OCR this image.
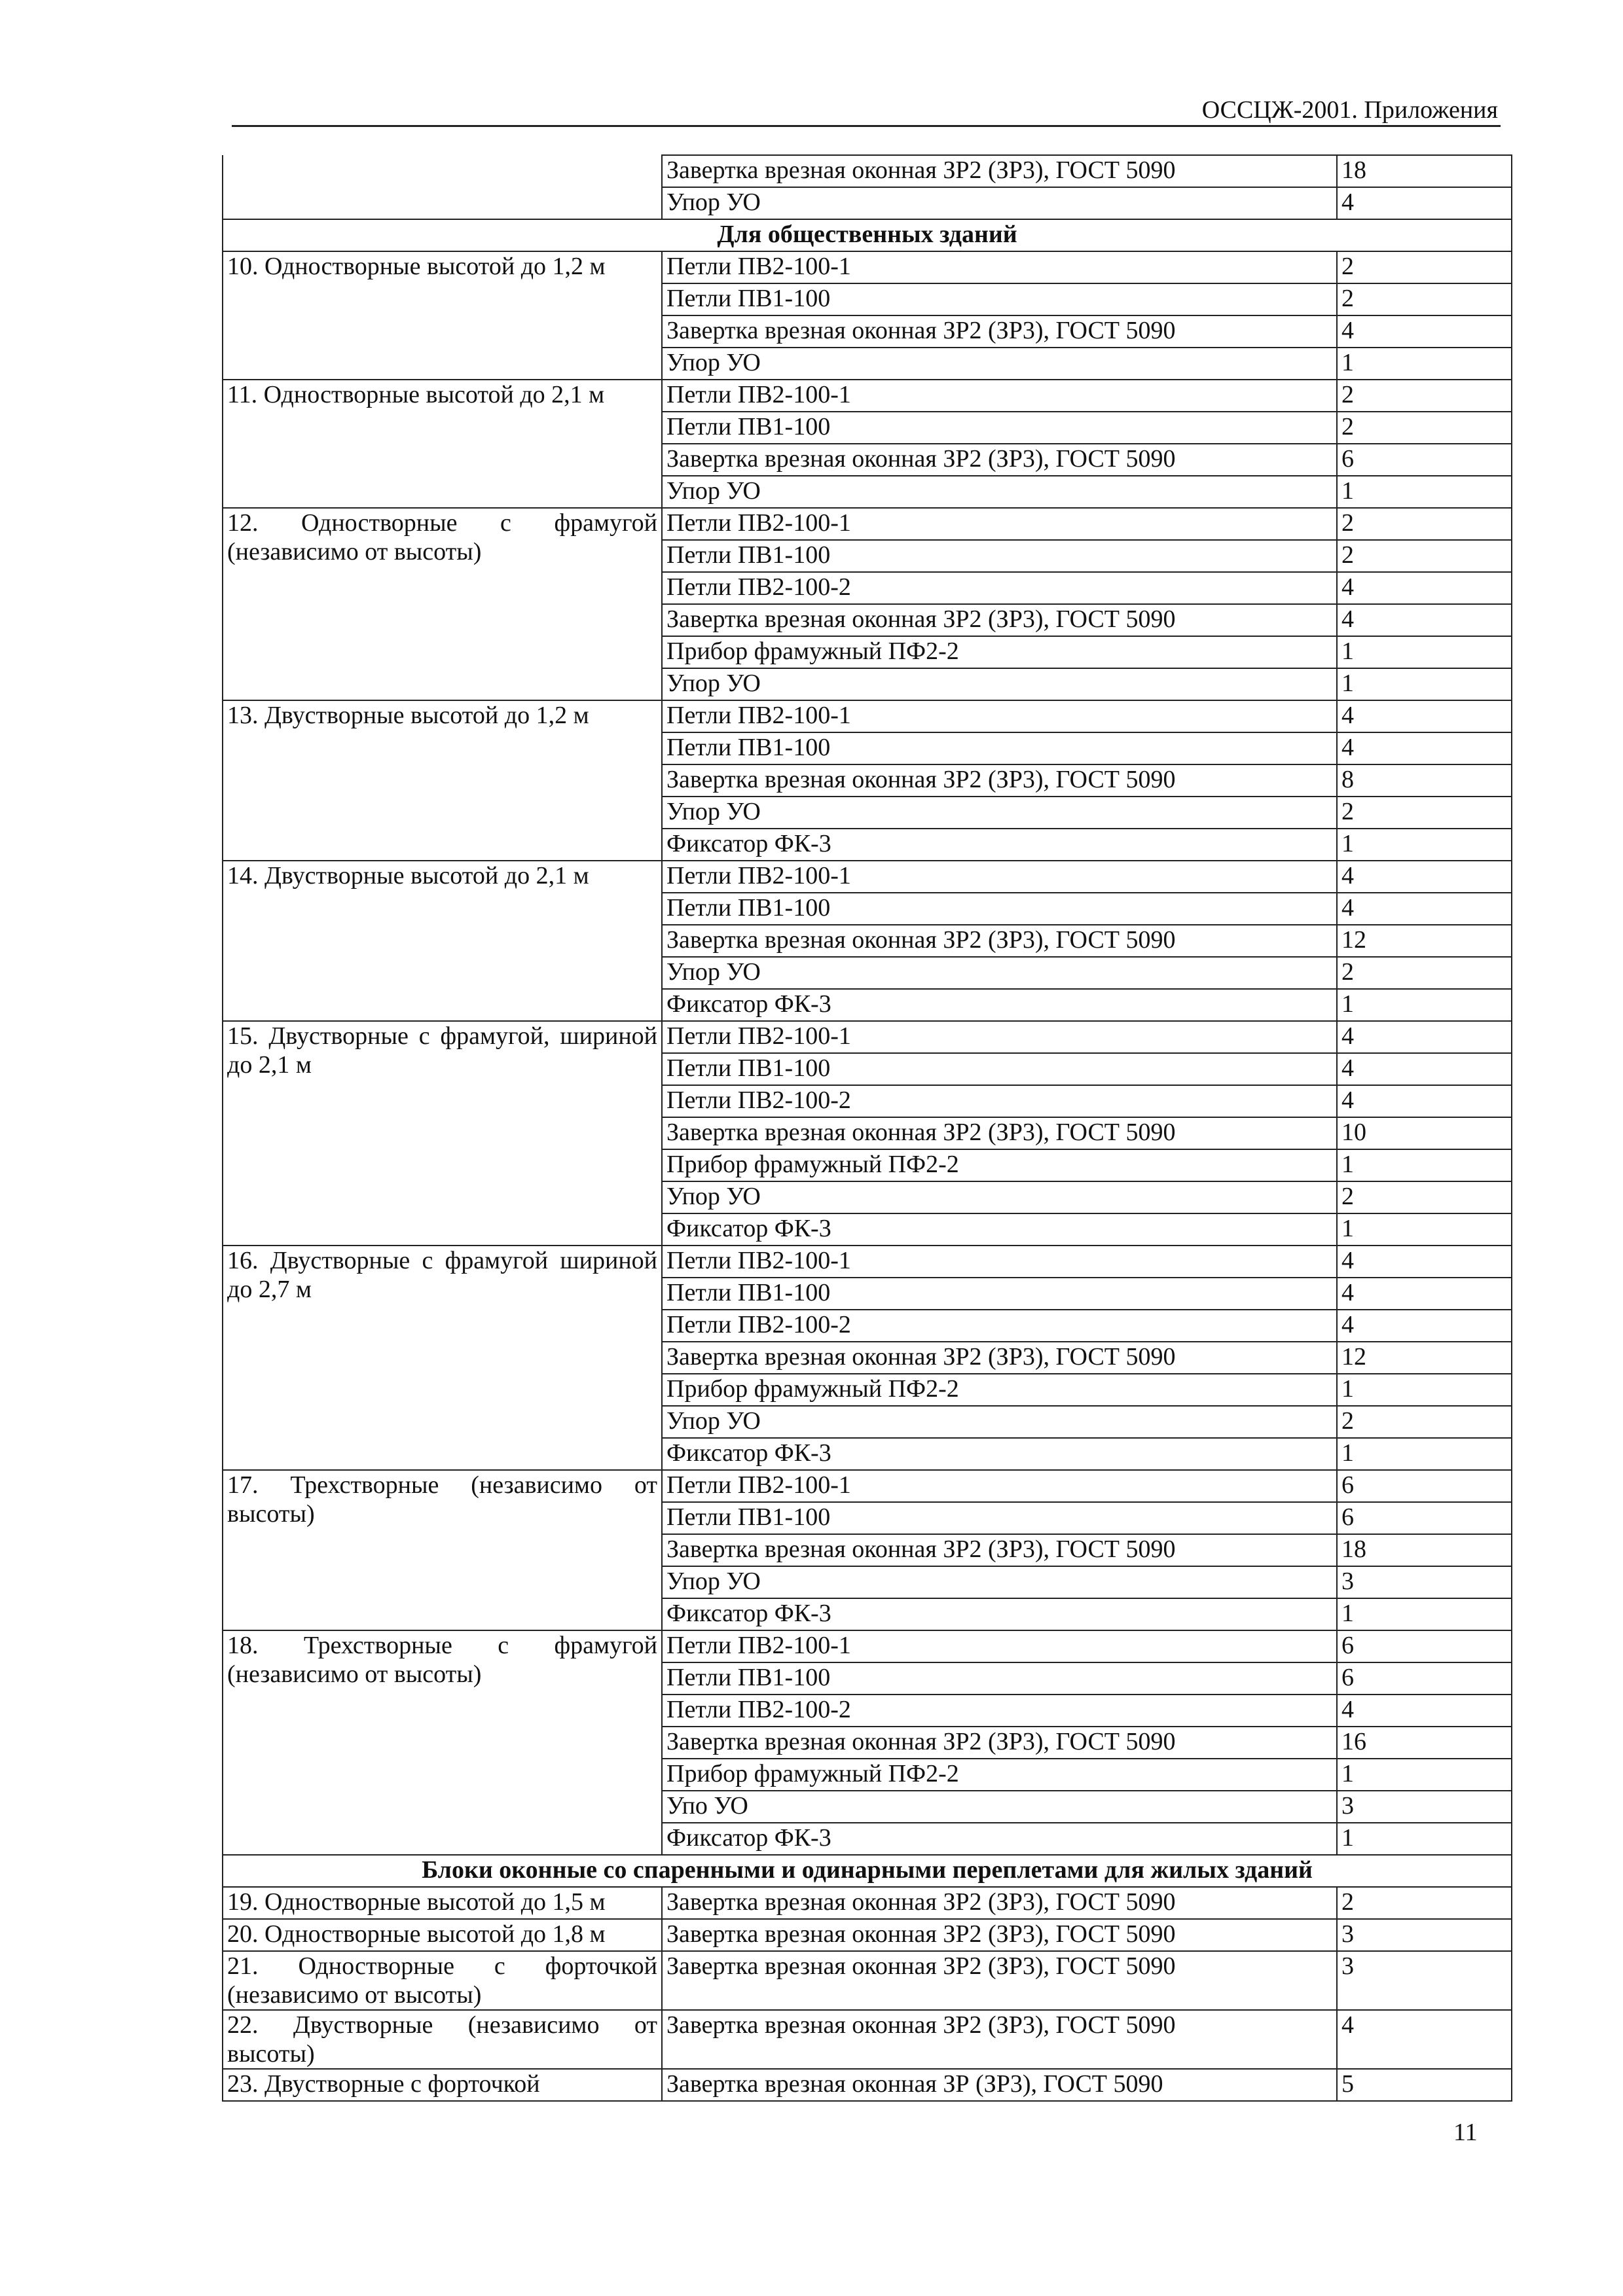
ОССЦЖ-2001. Приложения
	Завертка врезная оконная ЗР2 (ЗР3), ГОСТ 5090	18
	Упор УО	4
Для общественных зданий		
10. Одностворные высотой до 1,2 м	Петли ПВ2-100-1	2
	Петли ПВ1-100	2
	Завертка врезная оконная ЗР2 (ЗР3), ГОСТ 5090	4
	Упор УО	1
11. Одностворные высотой до 2,1 м	Петли ПВ2-100-1	2
	Петли ПВ1-100	2
	Завертка врезная оконная ЗР2 (ЗР3), ГОСТ 5090	6
	Упор УО	1
12. Одностворные с фрамугой (независимо от высоты)	Петли ПВ2-100-1	2
	Петли ПВ1-100	2
	Петли ПВ2-100-2	4
	Завертка врезная оконная ЗР2 (ЗР3), ГОСТ 5090	4
	Прибор фрамужный ПФ2-2	1
	Упор УО	1
13. Двустворные высотой до 1,2 м	Петли ПВ2-100-1	4
	Петли ПВ1-100	4
	Завертка врезная оконная ЗР2 (ЗР3), ГОСТ 5090	8
	Упор УО	2
	Фиксатор ФК-3	1
14. Двустворные высотой до 2,1 м	Петли ПВ2-100-1	4
	Петли ПВ1-100	4
	Завертка врезная оконная ЗР2 (ЗР3), ГОСТ 5090	12
	Упор УО	2
	Фиксатор ФК-3	1
15. Двустворные с фрамугой, шириной до 2,1 м	Петли ПВ2-100-1	4
	Петли ПВ1-100	4
	Петли ПВ2-100-2	4
	Завертка врезная оконная ЗР2 (ЗР3), ГОСТ 5090	10
	Прибор фрамужный ПФ2-2	1
	Упор УО	2
	Фиксатор ФК-3	1
16. Двустворные с фрамугой шириной до 2,7 м	Петли ПВ2-100-1	4
	Петли ПВ1-100	4
	Петли ПВ2-100-2	4
	Завертка врезная оконная ЗР2 (ЗР3), ГОСТ 5090	12
	Прибор фрамужный ПФ2-2	1
	Упор УО	2
	Фиксатор ФК-3	1
17. Трехстворные (независимо от высоты)	Петли ПВ2-100-1	6
	Петли ПВ1-100	6
	Завертка врезная оконная ЗР2 (ЗР3), ГОСТ 5090	18
	Упор УО	3
	Фиксатор ФК-3	1
18. Трехстворные с фрамугой (независимо от высоты)	Петли ПВ2-100-1	6
	Петли ПВ1-100	6
	Петли ПВ2-100-2	4
	Завертка врезная оконная ЗР2 (ЗР3), ГОСТ 5090	16
	Прибор фрамужный ПФ2-2	1
	Упо УО	3
	Фиксатор ФК-3	1
Блоки оконные со спаренными и одинарными переплетами для жилых зданий		
19. Одностворные высотой до 1,5 м	Завертка врезная оконная ЗР2 (ЗР3), ГОСТ 5090	2
20. Одностворные высотой до 1,8 м	Завертка врезная оконная ЗР2 (ЗР3), ГОСТ 5090	3
21. Одностворные с форточкой (независимо от высоты)	Завертка врезная оконная ЗР2 (ЗР3), ГОСТ 5090	3
22. Двустворные (независимо от высоты)	Завертка врезная оконная ЗР2 (ЗР3), ГОСТ 5090	4
23. Двустворные с форточкой	Завертка врезная оконная ЗР (ЗР3), ГОСТ 5090	5
11
